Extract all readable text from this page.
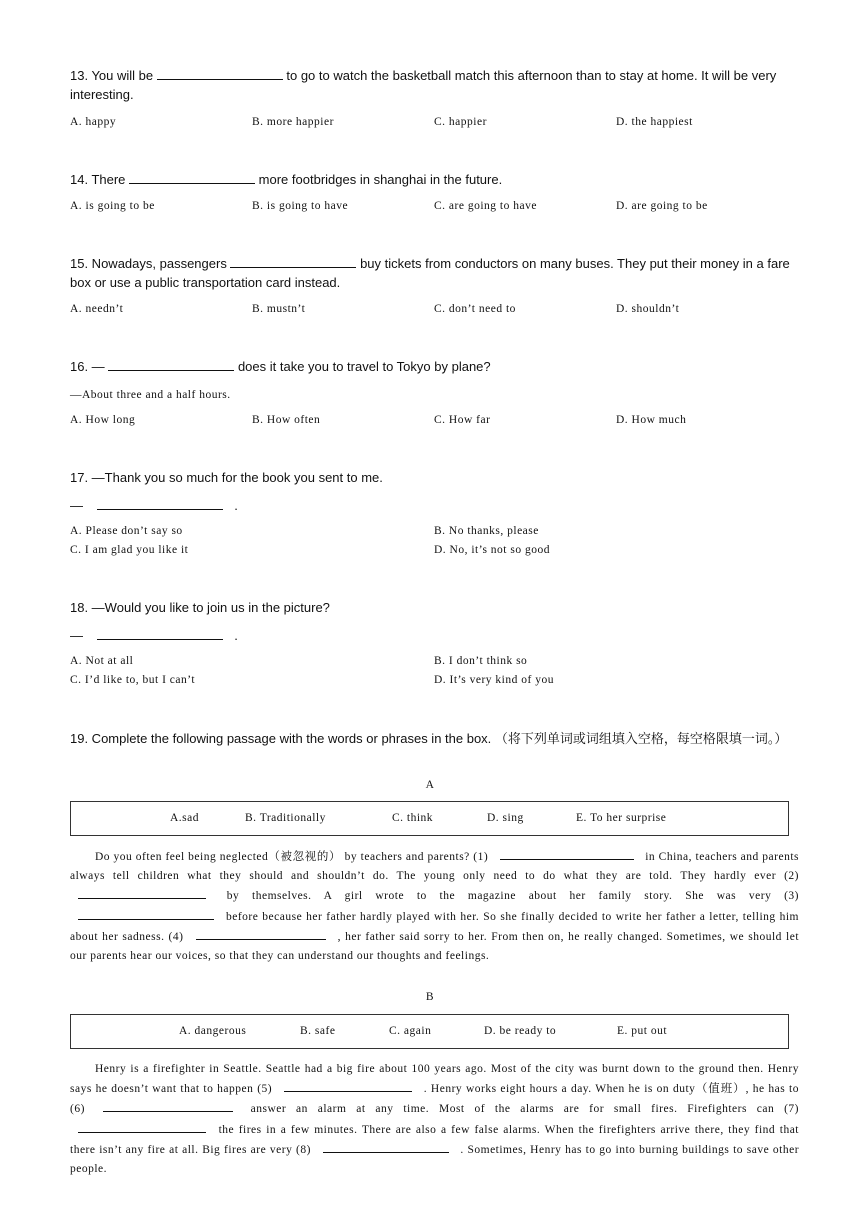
13. You will be	to go to watch the basketball match this afternoon than to stay at home. It will be very interesting.
A. happy	B. more happier	C. happier	D. the happiest
14. There	more footbridges in shanghai in the future.
A. is going to be	B. is going to have	C. are going to have	D. are going to be
15. Nowadays, passengers	buy tickets from conductors on many buses. They put their money in a fare box or use a public transportation card instead.
A. needn’t	B. mustn’t	C. don’t need to	D. shouldn’t
16. —	does it take you to travel to Tokyo by plane?
—About three and a half hours.
A. How long	B. How often	C. How far	D. How much
17. —Thank you so much for the book you sent to me.
—	.
A. Please don’t say so	B. No thanks, please
C. I am glad you like it	D. No, it’s not so good
18. —Would you like to join us in the picture?
—	.
A. Not at all	B. I don’t think so
C. I’d like to, but I can’t	D. It’s very kind of you
19. Complete the following passage with the words or phrases in the box. （将下列单词或词组填入空格，每空格限填一词。）
A
A.sad	B. Traditionally	C. think	D. sing	E. To her surprise

Do you often feel being neglected（被忽视的） by teachers and parents? (1)	in China, teachers and parents always tell children what they should and shouldn’t do. The young only need to do what they are told. They hardly ever (2)  by themselves. A girl wrote to the magazine about her family story. She was very (3)  before because her father hardly played with her. So she finally decided to write her father a letter, telling him about her sadness. (4)	, her father said sorry to her. From then on, he really changed. Sometimes, we should let our parents hear our voices, so that they can understand our thoughts and feelings.

B
A. dangerous	B. safe	C. again	D. be ready to	E. put out

Henry is a firefighter in Seattle. Seattle had a big fire about 100 years ago. Most of the city was burnt down to the ground then. Henry says he doesn’t want that to happen (5)	. Henry works eight hours a day. When he is on duty（值班）, he has to (6)	answer an alarm at any time. Most of the alarms are for small fires. Firefighters can (7)  the fires in a few minutes. There are also a few false alarms. When the firefighters arrive there, they find that there isn’t any fire at all. Big fires are very (8)	. Sometimes, Henry has to go into burning buildings to save other people.
